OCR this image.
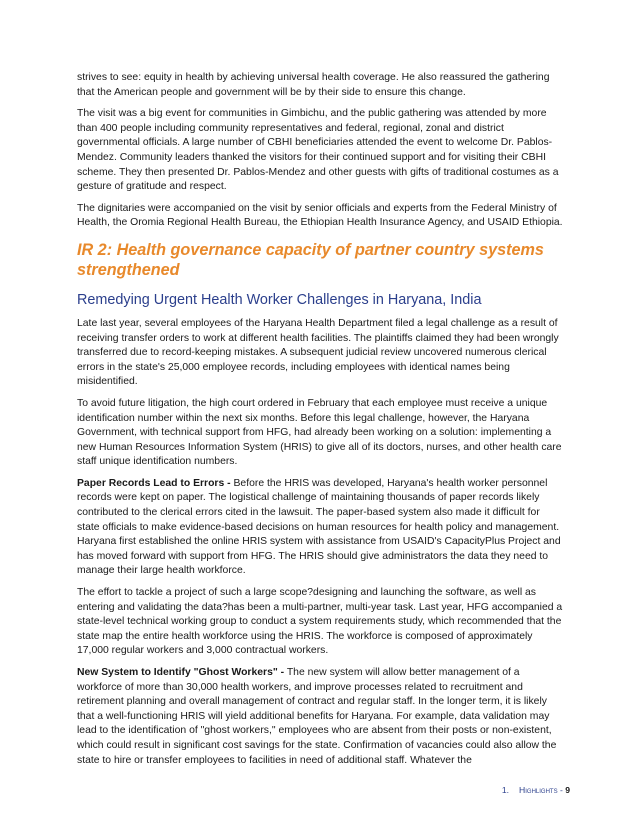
strives to see: equity in health by achieving universal health coverage. He also reassured the gathering that the American people and government will be by their side to ensure this change.

The visit was a big event for communities in Gimbichu, and the public gathering was attended by more than 400 people including community representatives and federal, regional, zonal and district governmental officials. A large number of CBHI beneficiaries attended the event to welcome Dr. Pablos-Mendez. Community leaders thanked the visitors for their continued support and for visiting their CBHI scheme. They then presented Dr. Pablos-Mendez and other guests with gifts of traditional costumes as a gesture of gratitude and respect.

The dignitaries were accompanied on the visit by senior officials and experts from the Federal Ministry of Health, the Oromia Regional Health Bureau, the Ethiopian Health Insurance Agency, and USAID Ethiopia.

IR 2: Health governance capacity of partner country systems strengthened
Remedying Urgent Health Worker Challenges in Haryana, India

Late last year, several employees of the Haryana Health Department filed a legal challenge as a result of receiving transfer orders to work at different health facilities. The plaintiffs claimed they had been wrongly transferred due to record-keeping mistakes. A subsequent judicial review uncovered numerous clerical errors in the state's 25,000 employee records, including employees with identical names being misidentified.

To avoid future litigation, the high court ordered in February that each employee must receive a unique identification number within the next six months. Before this legal challenge, however, the Haryana Government, with technical support from HFG, had already been working on a solution: implementing a new Human Resources Information System (HRIS) to give all of its doctors, nurses, and other health care staff unique identification numbers.

Paper Records Lead to Errors - Before the HRIS was developed, Haryana's health worker personnel records were kept on paper. The logistical challenge of maintaining thousands of paper records likely contributed to the clerical errors cited in the lawsuit. The paper-based system also made it difficult for state officials to make evidence-based decisions on human resources for health policy and management. Haryana first established the online HRIS system with assistance from USAID's CapacityPlus Project and has moved forward with support from HFG. The HRIS should give administrators the data they need to manage their large health workforce.

The effort to tackle a project of such a large scope?designing and launching the software, as well as entering and validating the data?has been a multi-partner, multi-year task. Last year, HFG accompanied a state-level technical working group to conduct a system requirements study, which recommended that the state map the entire health workforce using the HRIS. The workforce is composed of approximately 17,000 regular workers and 3,000 contractual workers.

New System to Identify "Ghost Workers" - The new system will allow better management of a workforce of more than 30,000 health workers, and improve processes related to recruitment and retirement planning and overall management of contract and regular staff. In the longer term, it is likely that a well-functioning HRIS will yield additional benefits for Haryana. For example, data validation may lead to the identification of "ghost workers," employees who are absent from their posts or non-existent, which could result in significant cost savings for the state. Confirmation of vacancies could also allow the state to hire or transfer employees to facilities in need of additional staff. Whatever the

1. Highlights - 9
